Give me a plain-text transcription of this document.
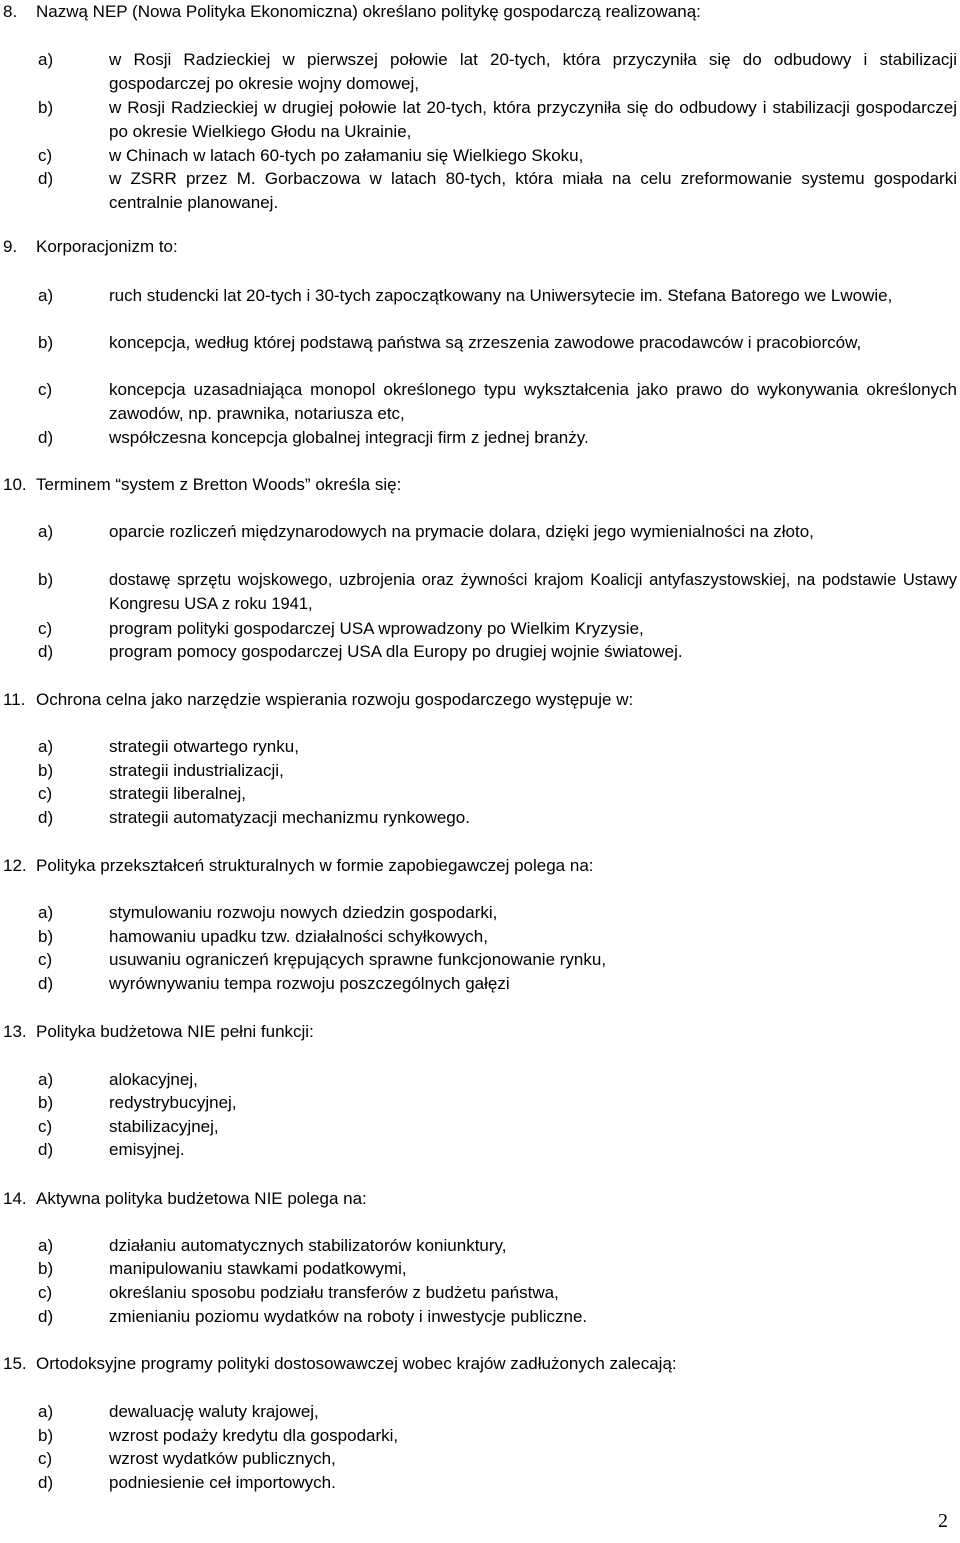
8. Nazwą NEP (Nowa Polityka Ekonomiczna) określano politykę gospodarczą realizowaną:
a)	w Rosji Radzieckiej w pierwszej połowie lat 20-tych, która przyczyniła się do odbudowy i stabilizacji gospodarczej po okresie wojny domowej,
b)	w Rosji Radzieckiej w drugiej połowie lat 20-tych, która przyczyniła się do odbudowy i stabilizacji gospodarczej po okresie Wielkiego Głodu na Ukrainie,
c)	w Chinach w latach 60-tych po załamaniu się Wielkiego Skoku,
d)	w ZSRR przez M. Gorbaczowa w latach 80-tych, która miała na celu zreformowanie systemu gospodarki centralnie planowanej.
9. Korporacjonizm to:
a)	ruch studencki lat 20-tych i 30-tych zapoczątkowany na Uniwersytecie im. Stefana Batorego we Lwowie,
b)	koncepcja, według której podstawą państwa są zrzeszenia zawodowe pracodawców i pracobiorców,
c)	koncepcja uzasadniająca monopol określonego typu wykształcenia jako prawo do wykonywania określonych zawodów, np. prawnika, notariusza etc,
d)	współczesna koncepcja globalnej integracji firm z jednej branży.
10. Terminem “system z Bretton Woods” określa się:
a)	oparcie rozliczeń międzynarodowych na prymacie dolara, dzięki jego wymienialności na złoto,
b)	dostawę sprzętu wojskowego, uzbrojenia oraz żywności krajom Koalicji antyfaszystowskiej, na podstawie Ustawy Kongresu USA z roku 1941,
c)	program polityki gospodarczej USA wprowadzony po Wielkim Kryzysie,
d)	program pomocy gospodarczej USA dla Europy po drugiej wojnie światowej.
11. Ochrona celna jako narzędzie wspierania rozwoju gospodarczego występuje w:
a)	strategii otwartego rynku,
b)	strategii industrializacji,
c)	strategii liberalnej,
d)	strategii automatyzacji mechanizmu rynkowego.
12. Polityka przekształceń strukturalnych w formie zapobiegawczej polega na:
a)	stymulowaniu rozwoju nowych dziedzin gospodarki,
b)	hamowaniu upadku tzw. działalności schyłkowych,
c)	usuwaniu ograniczeń krępujących sprawne funkcjonowanie rynku,
d)	wyrównywaniu tempa rozwoju poszczególnych gałęzi
13. Polityka budżetowa NIE pełni funkcji:
a)	alokacyjnej,
b)	redystrybucyjnej,
c)	stabilizacyjnej,
d)	emisyjnej.
14. Aktywna polityka budżetowa NIE polega na:
a)	działaniu automatycznych stabilizatorów koniunktury,
b)	manipulowaniu stawkami podatkowymi,
c)	określaniu sposobu podziału transferów z budżetu państwa,
d)	zmienianiu poziomu wydatków na roboty i inwestycje publiczne.
15. Ortodoksyjne programy polityki dostosowawczej wobec krajów zadłużonych zalecają:
a)	dewaluację waluty krajowej,
b)	wzrost podaży kredytu dla gospodarki,
c)	wzrost wydatków publicznych,
d)	podniesienie ceł importowych.
2
